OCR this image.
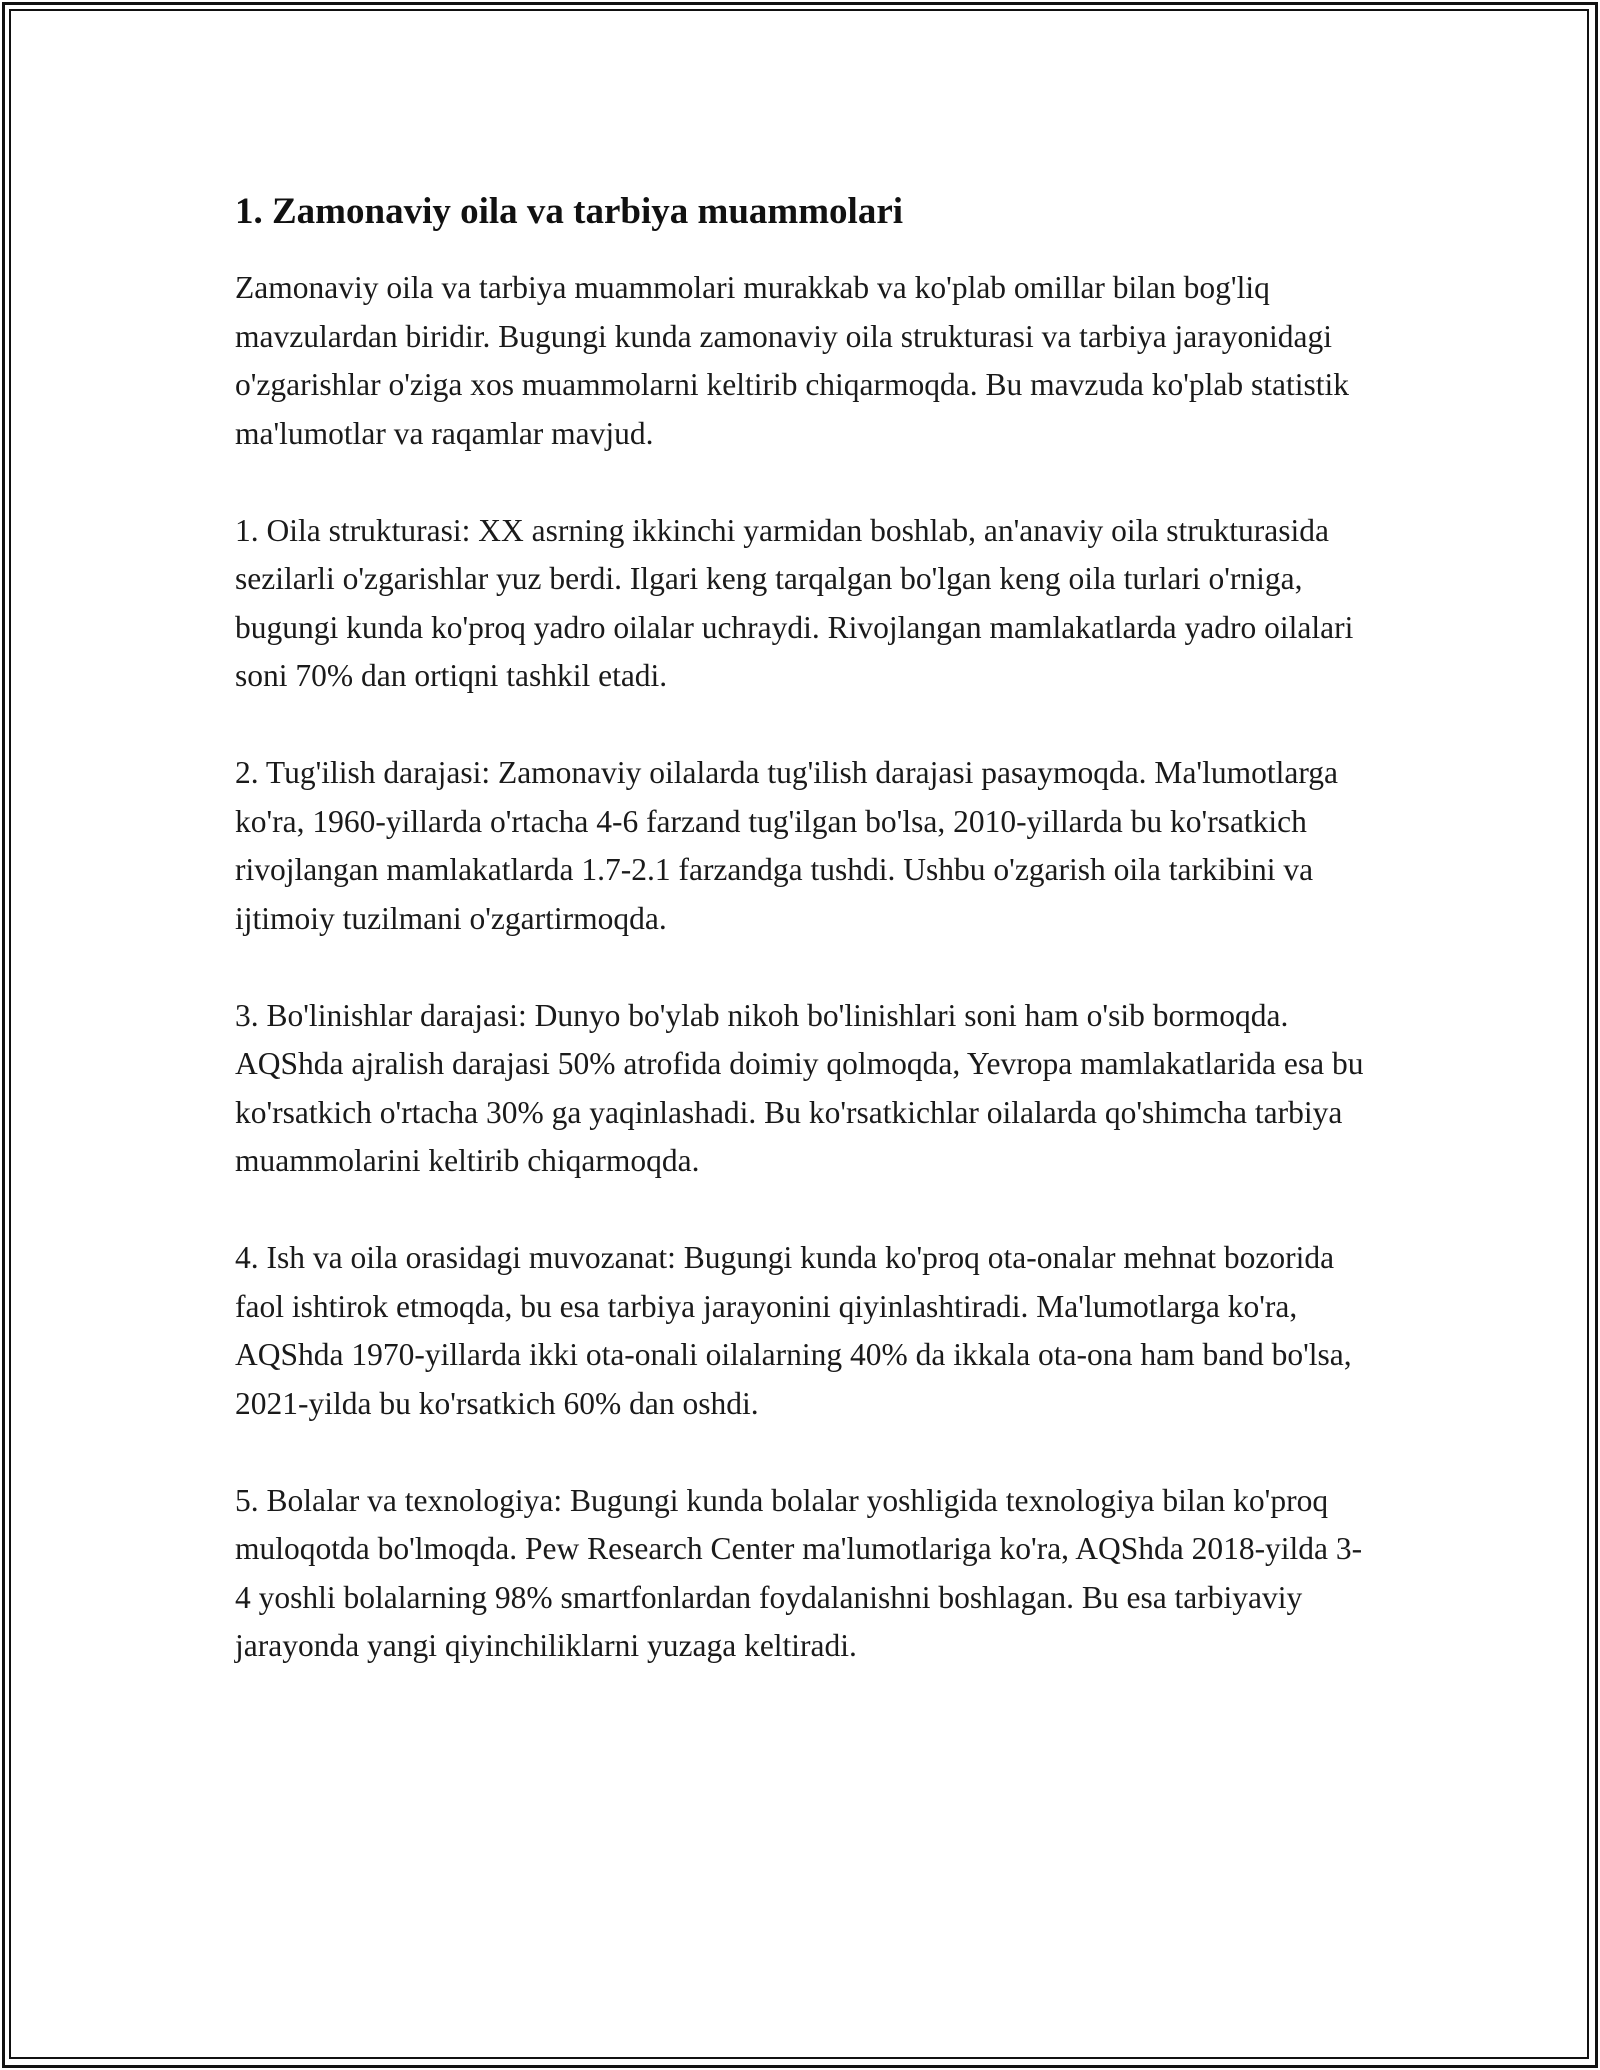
1. Zamonaviy oila va tarbiya muammolari

Zamonaviy oila va tarbiya muammolari murakkab va ko'plab omillar bilan bog'liq mavzulardan biridir. Bugungi kunda zamonaviy oila strukturasi va tarbiya jarayonidagi o'zgarishlar o'ziga xos muammolarni keltirib chiqarmoqda. Bu mavzuda ko'plab statistik ma'lumotlar va raqamlar mavjud.

1. Oila strukturasi: XX asrning ikkinchi yarmidan boshlab, an'anaviy oila strukturasida sezilarli o'zgarishlar yuz berdi. Ilgari keng tarqalgan bo'lgan keng oila turlari o'rniga, bugungi kunda ko'proq yadro oilalar uchraydi. Rivojlangan mamlakatlarda yadro oilalari soni 70% dan ortiqni tashkil etadi.

2. Tug'ilish darajasi: Zamonaviy oilalarda tug'ilish darajasi pasaymoqda. Ma'lumotlarga ko'ra, 1960-yillarda o'rtacha 4-6 farzand tug'ilgan bo'lsa, 2010-yillarda bu ko'rsatkich rivojlangan mamlakatlarda 1.7-2.1 farzandga tushdi. Ushbu o'zgarish oila tarkibini va ijtimoiy tuzilmani o'zgartirmoqda.

3. Bo'linishlar darajasi: Dunyo bo'ylab nikoh bo'linishlari soni ham o'sib bormoqda. AQShda ajralish darajasi 50% atrofida doimiy qolmoqda, Yevropa mamlakatlarida esa bu ko'rsatkich o'rtacha 30% ga yaqinlashadi. Bu ko'rsatkichlar oilalarda qo'shimcha tarbiya muammolarini keltirib chiqarmoqda.

4. Ish va oila orasidagi muvozanat: Bugungi kunda ko'proq ota-onalar mehnat bozorida faol ishtirok etmoqda, bu esa tarbiya jarayonini qiyinlashtiradi. Ma'lumotlarga ko'ra, AQShda 1970-yillarda ikki ota-onali oilalarning 40% da ikkala ota-ona ham band bo'lsa, 2021-yilda bu ko'rsatkich 60% dan oshdi.

5. Bolalar va texnologiya: Bugungi kunda bolalar yoshligida texnologiya bilan ko'proq muloqotda bo'lmoqda. Pew Research Center ma'lumotlariga ko'ra, AQShda 2018-yilda 3-4 yoshli bolalarning 98% smartfonlardan foydalanishni boshlagan. Bu esa tarbiyaviy jarayonda yangi qiyinchiliklarni yuzaga keltiradi.
